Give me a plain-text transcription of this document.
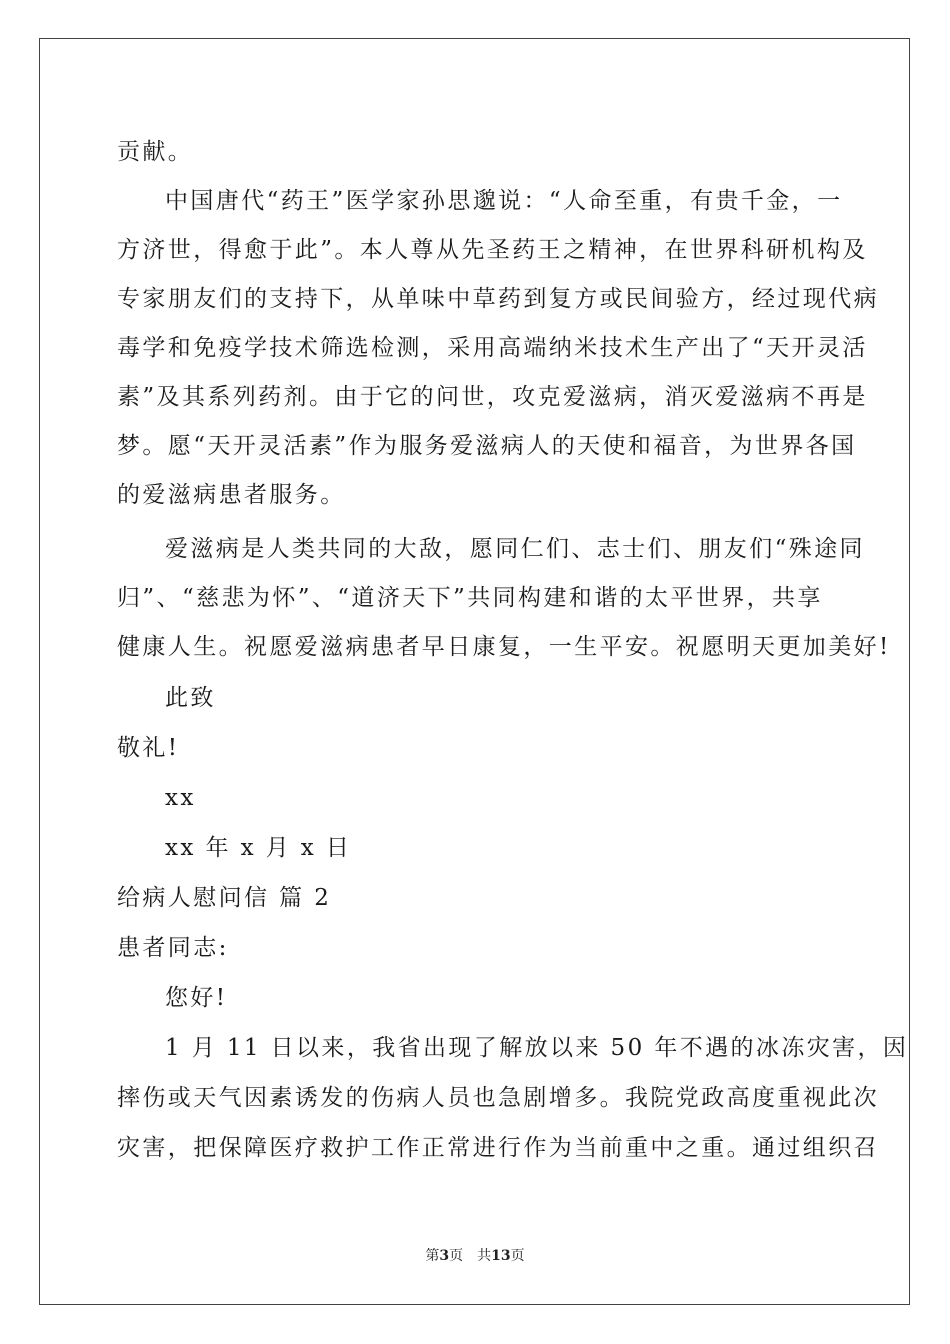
贡献。
中国唐代“药王”医学家孙思邈说：“人命至重，有贵千金，一
方济世，得愈于此”。本人尊从先圣药王之精神，在世界科研机构及
专家朋友们的支持下，从单味中草药到复方或民间验方，经过现代病
毒学和免疫学技术筛选检测，采用高端纳米技术生产出了“天开灵活
素”及其系列药剂。由于它的问世，攻克爱滋病，消灭爱滋病不再是
梦。愿“天开灵活素”作为服务爱滋病人的天使和福音，为世界各国
的爱滋病患者服务。
爱滋病是人类共同的大敌，愿同仁们、志士们、朋友们“殊途同
归”、“慈悲为怀”、“道济天下”共同构建和谐的太平世界，共享
健康人生。祝愿爱滋病患者早日康复，一生平安。祝愿明天更加美好!
此致
敬礼!
xx
xx 年 x 月 x 日
给病人慰问信 篇 2
患者同志:
您好!
1 月 11 日以来，我省出现了解放以来 50 年不遇的冰冻灾害，因
摔伤或天气因素诱发的伤病人员也急剧增多。我院党政高度重视此次
灾害，把保障医疗救护工作正常进行作为当前重中之重。通过组织召
第3页 共13页
